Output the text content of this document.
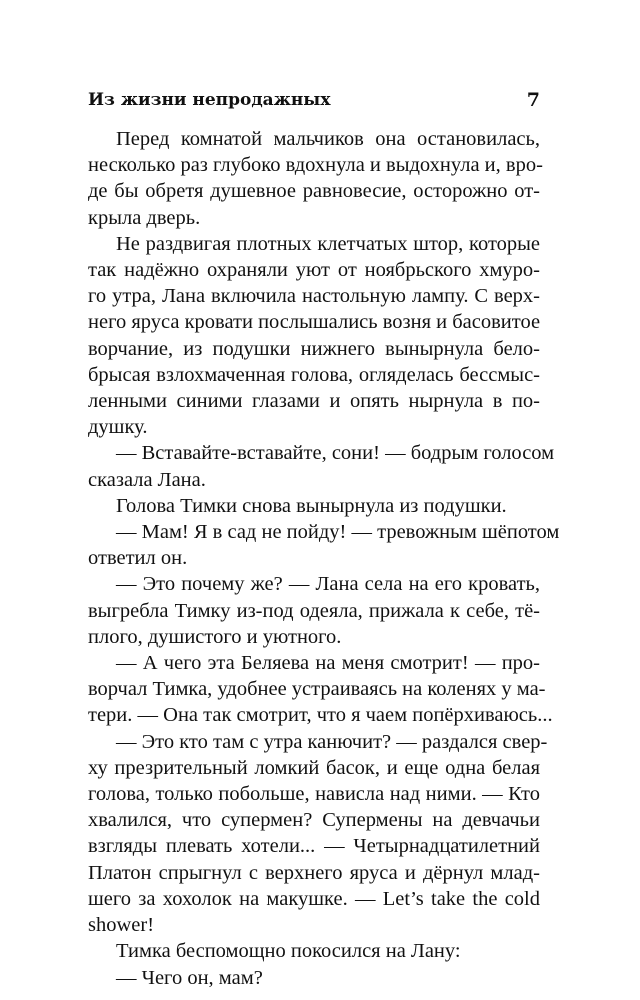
Из жизни непродажных	7
Перед комнатой мальчиков она остановилась,
несколько раз глубоко вдохнула и выдохнула и, вро-
де бы обретя душевное равновесие, осторожно от-
крыла дверь.
Не раздвигая плотных клетчатых штор, которые
так надёжно охраняли уют от ноябрьского хмуро-
го утра, Лана включила настольную лампу. С верх-
него яруса кровати послышались возня и басовитое
ворчание, из подушки нижнего вынырнула бело-
брысая взлохмаченная голова, огляделась бессмыс-
ленными синими глазами и опять нырнула в по-
душку.
— Вставайте-вставайте, сони! — бодрым голосом
сказала Лана.
Голова Тимки снова вынырнула из подушки.
— Мам! Я в сад не пойду! — тревожным шёпотом
ответил он.
— Это почему же? — Лана села на его кровать,
выгребла Тимку из-под одеяла, прижала к себе, тё-
плого, душистого и уютного.
— А чего эта Беляева на меня смотрит! — про-
ворчал Тимка, удобнее устраиваясь на коленях у ма-
тери. — Она так смотрит, что я чаем попёрхиваюсь...
— Это кто там с утра канючит? — раздался свер-
ху презрительный ломкий басок, и еще одна белая
голова, только побольше, нависла над ними. — Кто
хвалился, что супермен? Супермены на девчачьи
взгляды плевать хотели... — Четырнадцатилетний
Платон спрыгнул с верхнего яруса и дёрнул млад-
шего за хохолок на макушке. — Let’s take the cold
shower!
Тимка беспомощно покосился на Лану:
— Чего он, мам?
